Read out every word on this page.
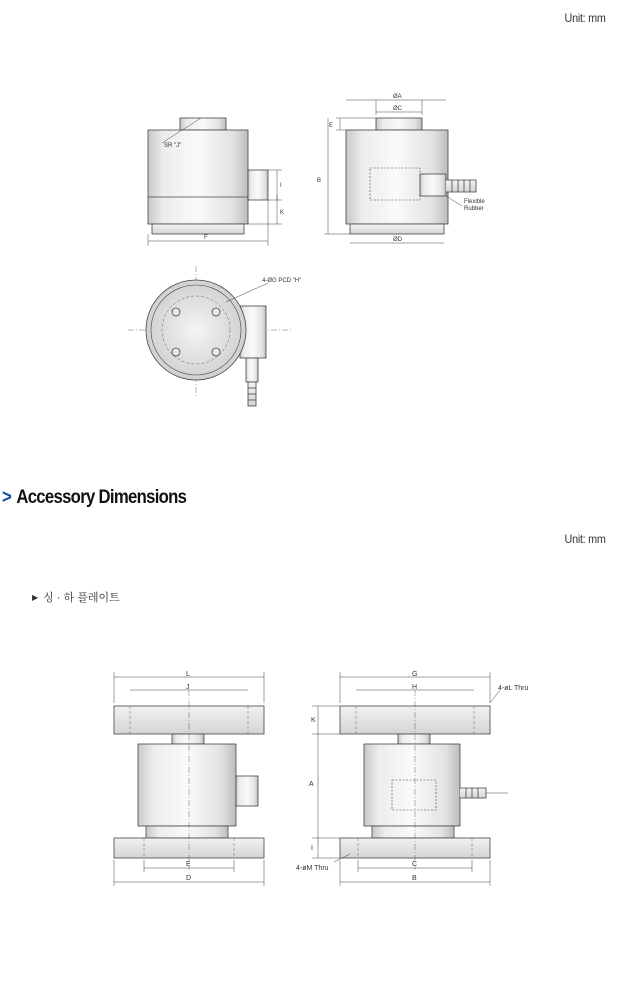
Unit: mm
SR "J"
I
K
F
ØA
ØC
E
B
ØD
Flexible
Rubber
4-ØG PCD "H"
L
J
E
D
G
H	4-øL Thru
K
A
I
4-øM Thru
C
B
> Accessory Dimensions
Unit: mm
▶ 싱 · 하 플레이트
